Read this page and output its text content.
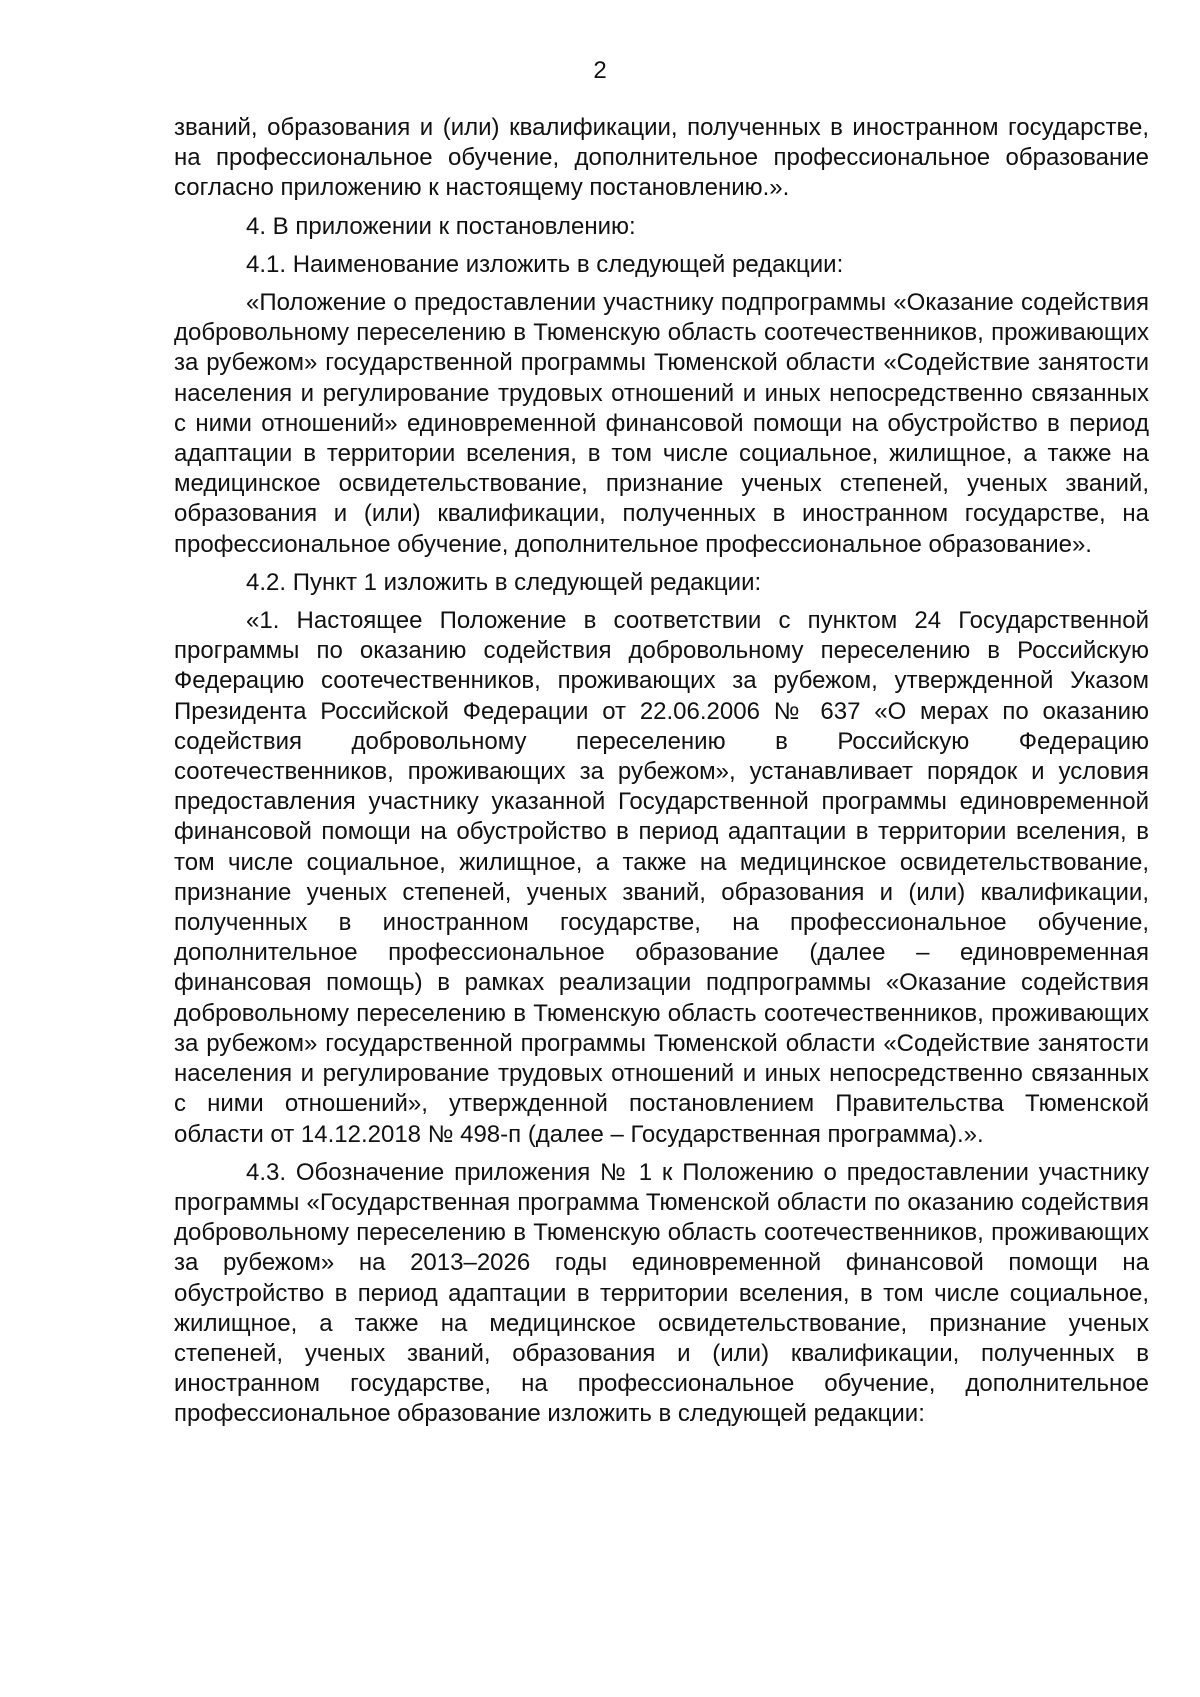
2

званий, образования и (или) квалификации, полученных в иностранном государстве, на профессиональное обучение, дополнительное профессиональное образование согласно приложению к настоящему постановлению.».

4. В приложении к постановлению:

4.1. Наименование изложить в следующей редакции:

«Положение о предоставлении участнику подпрограммы «Оказание содействия добровольному переселению в Тюменскую область соотечественников, проживающих за рубежом» государственной программы Тюменской области «Содействие занятости населения и регулирование трудовых отношений и иных непосредственно связанных с ними отношений» единовременной финансовой помощи на обустройство в период адаптации в территории вселения, в том числе социальное, жилищное, а также на медицинское освидетельствование, признание ученых степеней, ученых званий, образования и (или) квалификации, полученных в иностранном государстве, на профессиональное обучение, дополнительное профессиональное образование».

4.2. Пункт 1 изложить в следующей редакции:

«1. Настоящее Положение в соответствии с пунктом 24 Государственной программы по оказанию содействия добровольному переселению в Российскую Федерацию соотечественников, проживающих за рубежом, утвержденной Указом Президента Российской Федерации от 22.06.2006 № 637 «О мерах по оказанию содействия добровольному переселению в Российскую Федерацию соотечественников, проживающих за рубежом», устанавливает порядок и условия предоставления участнику указанной Государственной программы единовременной финансовой помощи на обустройство в период адаптации в территории вселения, в том числе социальное, жилищное, а также на медицинское освидетельствование, признание ученых степеней, ученых званий, образования и (или) квалификации, полученных в иностранном государстве, на профессиональное обучение, дополнительное профессиональное образование (далее – единовременная финансовая помощь) в рамках реализации подпрограммы «Оказание содействия добровольному переселению в Тюменскую область соотечественников, проживающих за рубежом» государственной программы Тюменской области «Содействие занятости населения и регулирование трудовых отношений и иных непосредственно связанных с ними отношений», утвержденной постановлением Правительства Тюменской области от 14.12.2018 № 498-п (далее – Государственная программа).».

4.3. Обозначение приложения № 1 к Положению о предоставлении участнику программы «Государственная программа Тюменской области по оказанию содействия добровольному переселению в Тюменскую область соотечественников, проживающих за рубежом» на 2013–2026 годы единовременной финансовой помощи на обустройство в период адаптации в территории вселения, в том числе социальное, жилищное, а также на медицинское освидетельствование, признание ученых степеней, ученых званий, образования и (или) квалификации, полученных в иностранном государстве, на профессиональное обучение, дополнительное профессиональное образование изложить в следующей редакции:
